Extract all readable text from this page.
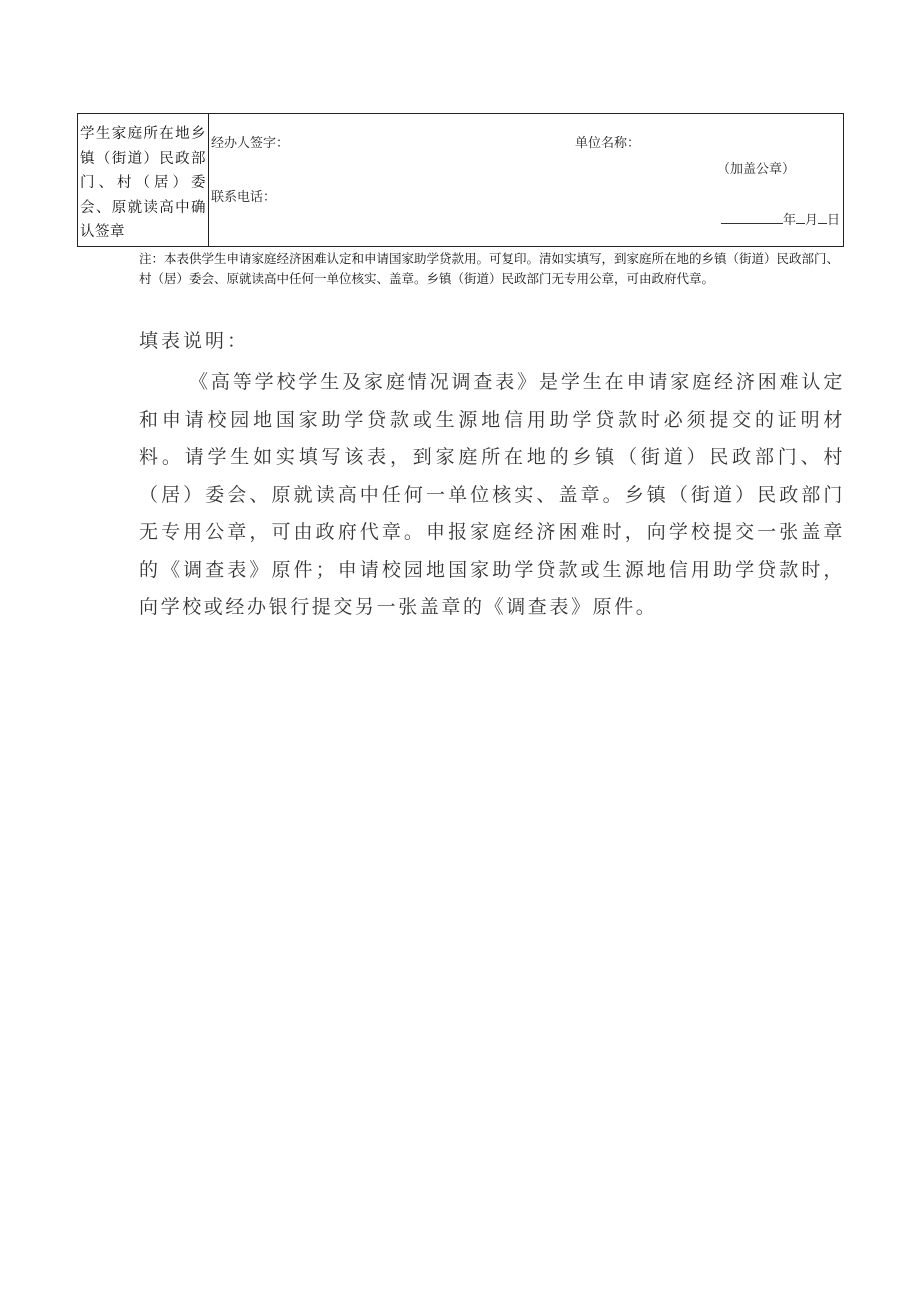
学生家庭所在地乡镇（街道）民政部门、村（居）委会、原就读高中确认签章
经办人签字：	单位名称：
（加盖公章）
联系电话：
年 月 日
注：本表供学生申请家庭经济困难认定和申请国家助学贷款用。可复印。清如实填写，到家庭所在地的乡镇（街道）民政部门、村（居）委会、原就读高中任何一单位核实、盖章。乡镇（街道）民政部门无专用公章，可由政府代章。
填表说明：
《高等学校学生及家庭情况调查表》是学生在申请家庭经济困难认定和申请校园地国家助学贷款或生源地信用助学贷款时必须提交的证明材料。请学生如实填写该表，到家庭所在地的乡镇（街道）民政部门、村（居）委会、原就读高中任何一单位核实、盖章。乡镇（街道）民政部门无专用公章，可由政府代章。申报家庭经济困难时，向学校提交一张盖章的《调查表》原件；申请校园地国家助学贷款或生源地信用助学贷款时，向学校或经办银行提交另一张盖章的《调查表》原件。
